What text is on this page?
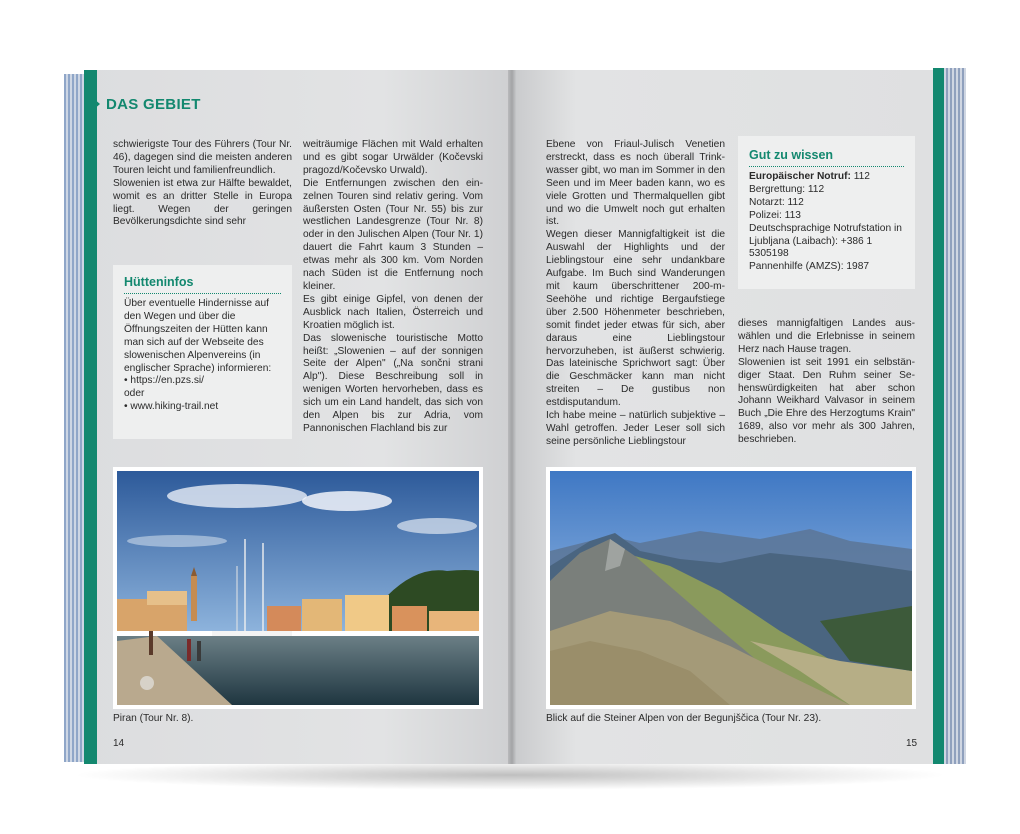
DAS GEBIET

schwierigste Tour des Führers (Tour Nr. 46), dagegen sind die meisten anderen Touren leicht und familienfreundlich.

Slowenien ist etwa zur Hälfte bewaldet, womit es an dritter Stelle in Europa liegt. Wegen der geringen Bevölkerungsdichte sind sehr

Hütteninfos

Über eventuelle Hindernisse auf den Wegen und über die Öffnungszeiten der Hütten kann man sich auf der Webseite des slowenischen Alpenvereins (in englischer Sprache) informieren:

• https://en.pzs.si/

oder

• www.hiking-trail.net

weiträumige Flächen mit Wald erhalten und es gibt sogar Urwälder (Kočevski pragozd/Kočevsko Urwald).

Die Entfernungen zwischen den einzelnen Touren sind relativ gering. Vom äußersten Osten (Tour Nr. 55) bis zur westlichen Landesgrenze (Tour Nr. 8) oder in den Julischen Alpen (Tour Nr. 1) dauert die Fahrt kaum 3 Stunden – etwas mehr als 300 km. Vom Norden nach Süden ist die Entfernung noch kleiner.

Es gibt einige Gipfel, von denen der Ausblick nach Italien, Österreich und Kroatien möglich ist.

Das slowenische touristische Motto heißt: „Slowenien – auf der sonnigen Seite der Alpen" („Na sončni strani Alp"). Diese Beschreibung soll in wenigen Worten hervorheben, dass es sich um ein Land handelt, das sich von den Alpen bis zur Adria, vom Pannonischen Flachland bis zur

Piran (Tour Nr. 8).
14

Ebene von Friaul-Julisch Venetien erstreckt, dass es noch überall Trinkwasser gibt, wo man im Sommer in den Seen und im Meer baden kann, wo es viele Grotten und Thermalquellen gibt und wo die Umwelt noch gut erhalten ist.

Wegen dieser Mannigfaltigkeit ist die Auswahl der Highlights und der Lieblingstour eine sehr undankbare Aufgabe. Im Buch sind Wanderungen mit kaum überschrittener 200-m-Seehöhe und richtige Bergaufstiege über 2.500 Höhenmeter beschrieben, somit findet jeder etwas für sich, aber daraus eine Lieblingstour hervorzuheben, ist äußerst schwierig. Das lateinische Sprichwort sagt: Über die Geschmäcker kann man nicht streiten – De gustibus non estdisputandum.

Ich habe meine – natürlich subjektive – Wahl getroffen. Jeder Leser soll sich seine persönliche Lieblingstour

Gut zu wissen

Europäischer Notruf: 112

Bergrettung: 112

Notarzt: 112

Polizei: 113

Deutschsprachige Notrufstation in Ljubljana (Laibach): +386 1 5305198

Pannenhilfe (AMZS): 1987

dieses mannigfaltigen Landes auswählen und die Erlebnisse in seinem Herz nach Hause tragen.

Slowenien ist seit 1991 ein selbständiger Staat. Den Ruhm seiner Sehenswürdigkeiten hat aber schon Johann Weikhard Valvasor in seinem Buch „Die Ehre des Herzogtums Krain" 1689, also vor mehr als 300 Jahren, beschrieben.

Blick auf die Steiner Alpen von der Begunjščica (Tour Nr. 23).
15
